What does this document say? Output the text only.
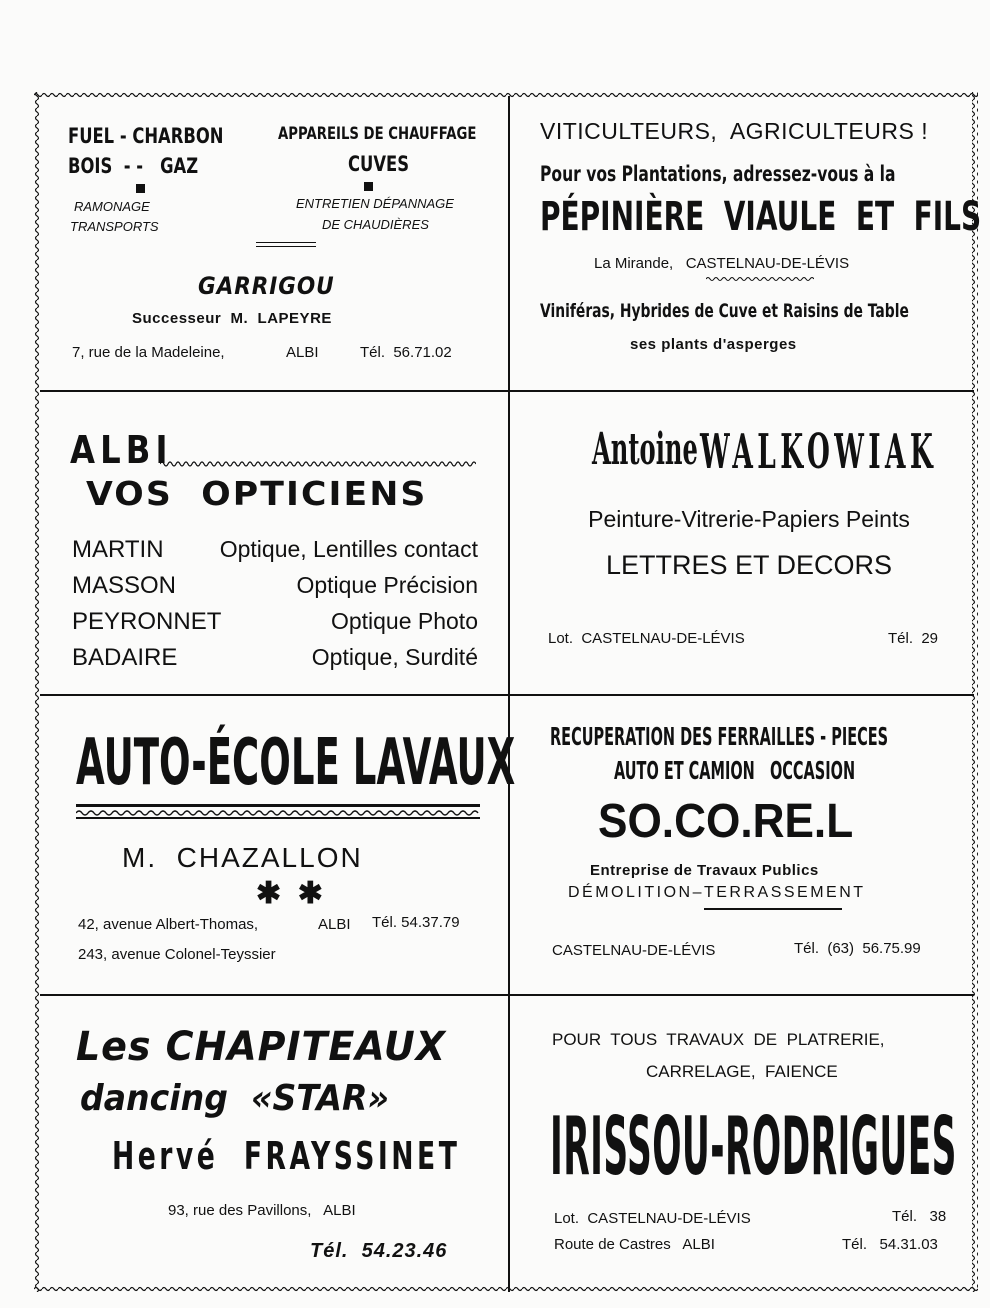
FUEL - CHARBON
BOIS  - -   GAZ
RAMONAGE
TRANSPORTS
APPAREILS DE CHAUFFAGE
CUVES
ENTRETIEN DÉPANNAGE
DE CHAUDIÈRES
GARRIGOU
Successeur  M.  LAPEYRE
7, rue de la Madeleine,	ALBI	Tél.  56.71.02
VITICULTEURS,  AGRICULTEURS !
Pour vos Plantations, adressez-vous à la
PÉPINIÈRE  VIAULE  ET  FILS
La Mirande,   CASTELNAU-DE-LÉVIS
Viniféras, Hybrides de Cuve et Raisins de Table
ses plants d'asperges
ALBI
VOS  OPTICIENS
MARTIN	Optique, Lentilles contact
MASSON	Optique Précision
PEYRONNET	Optique Photo
BADAIRE	Optique, Surdité
Antoine WALKOWIAK
Peinture-Vitrerie-Papiers Peints
LETTRES ET DECORS
Lot.  CASTELNAU-DE-LÉVIS	Tél.  29
AUTO-ÉCOLE LAVAUX
M.  CHAZALLON
✱  ✱
42, avenue Albert-Thomas,	ALBI Tél. 54.37.79
243, avenue Colonel-Teyssier
RECUPERATION DES FERRAILLES - PIECES
AUTO ET CAMION   OCCASION
SO.CO.RE.L
Entreprise de Travaux Publics
DÉMOLITION–TERRASSEMENT
CASTELNAU-DE-LÉVIS	Tél.  (63)  56.75.99
Les CHAPITEAUX
dancing  «STAR»
Hervé  FRAYSSINET
93, rue des Pavillons,   ALBI
Tél.  54.23.46
POUR  TOUS  TRAVAUX  DE  PLATRERIE,
CARRELAGE,  FAIENCE
IRISSOU-RODRIGUES
Lot.  CASTELNAU-DE-LÉVIS	Tél.   38
Route de Castres   ALBI	Tél.   54.31.03
